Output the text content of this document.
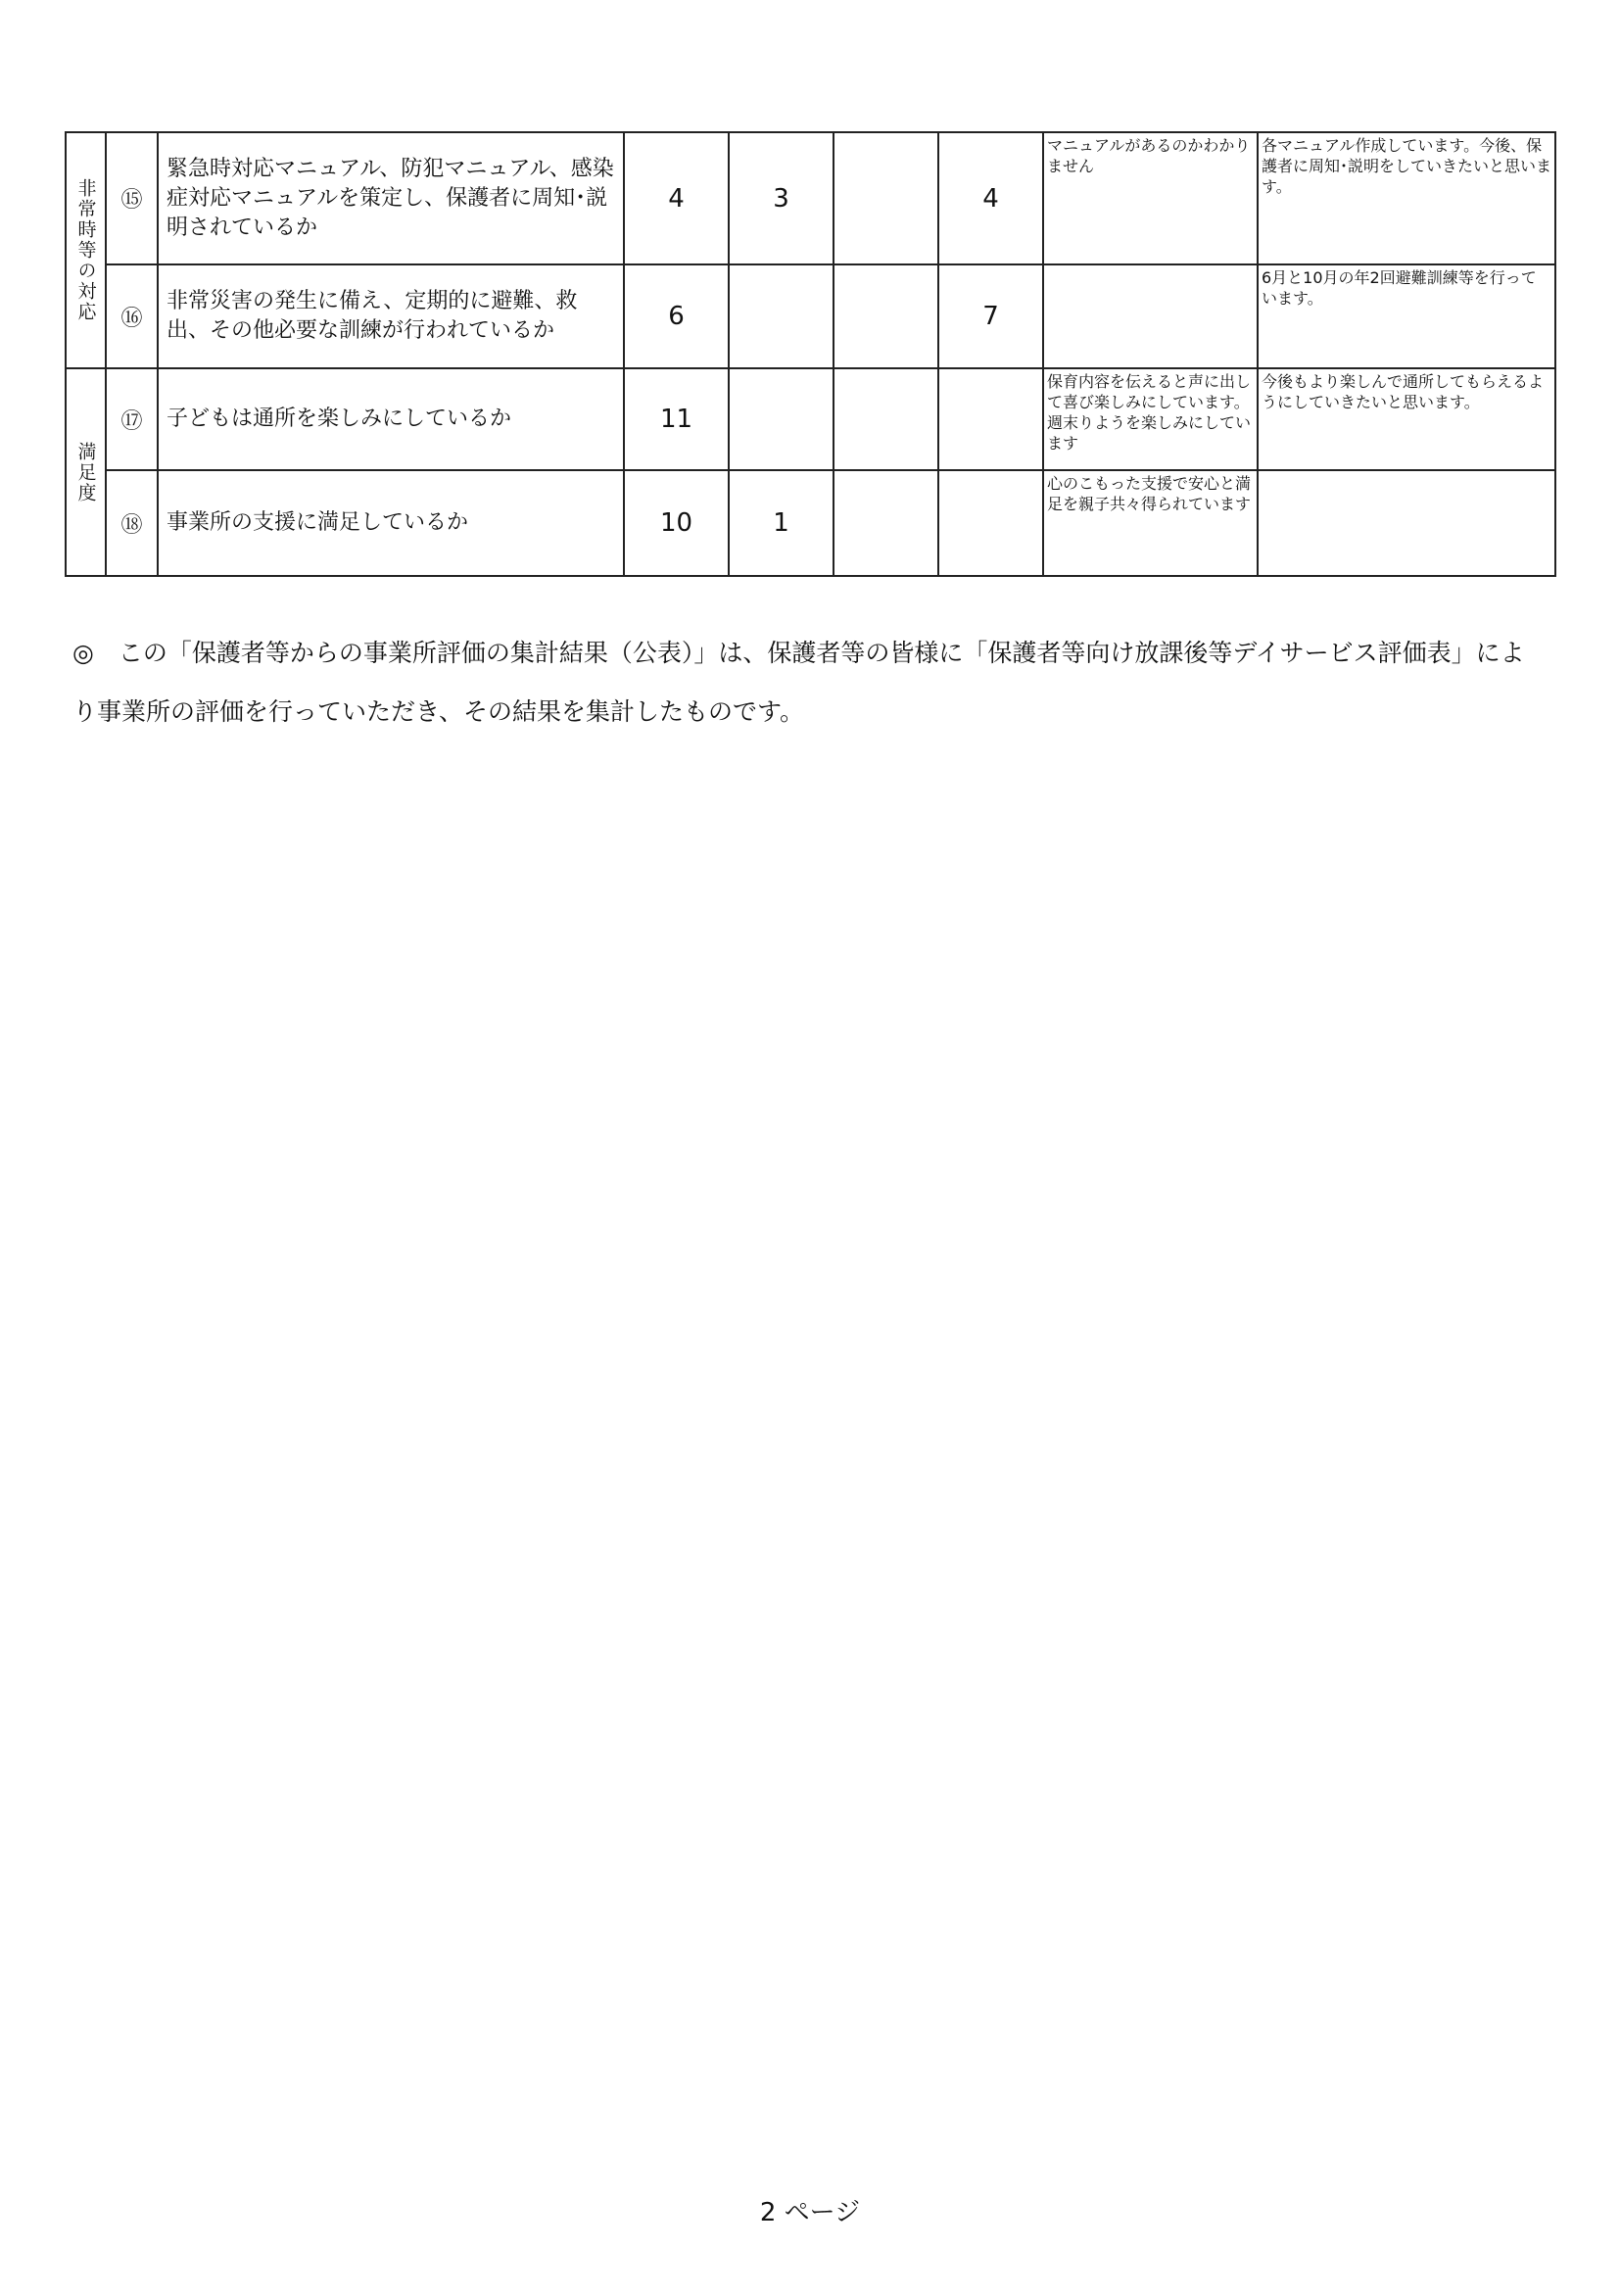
非常時等の対応	⑮	緊急時対応マニュアル、防犯マニュアル、感染症対応マニュアルを策定し、保護者に周知･説明されているか	4	3		4	マニュアルがあるのかわかりません	各マニュアル作成しています。今後、保護者に周知･説明をしていきたいと思います。
	⑯	非常災害の発生に備え、定期的に避難、救出、その他必要な訓練が行われているか	6			7		6月と10月の年2回避難訓練等を行っています。

満足度	⑰	子どもは通所を楽しみにしているか	11				保育内容を伝えると声に出して喜び楽しみにしています。週末りようを楽しみにしています	今後もより楽しんで通所してもらえるようにしていきたいと思います。
	⑱	事業所の支援に満足しているか	10	1			心のこもった支援で安心と満足を親子共々得られています	

◎　この「保護者等からの事業所評価の集計結果（公表）」は、保護者等の皆様に「保護者等向け放課後等デイサービス評価表」により事業所の評価を行っていただき、その結果を集計したものです。

2 ページ
